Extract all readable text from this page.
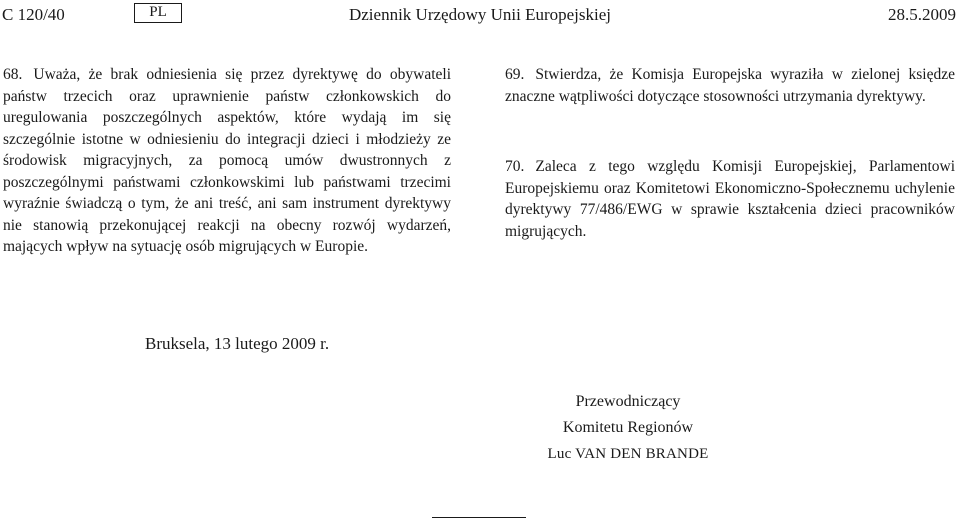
C 120/40	PL	Dziennik Urzędowy Unii Europejskiej	28.5.2009

68. Uważa, że brak odniesienia się przez dyrektywę do obywateli państw trzecich oraz uprawnienie państw członkowskich do uregulowania poszczególnych aspektów, które wydają im się szczególnie istotne w odniesieniu do integracji dzieci i młodzieży ze środowisk migracyjnych, za pomocą umów dwustronnych z poszczególnymi państwami członkowskimi lub państwami trzecimi wyraźnie świadczą o tym, że ani treść, ani sam instrument dyrektywy nie stanowią przekonującej reakcji na obecny rozwój wydarzeń, mających wpływ na sytuację osób migrujących w Europie.

69. Stwierdza, że Komisja Europejska wyraziła w zielonej księdze znaczne wątpliwości dotyczące stosowności utrzymania dyrektywy.

70. Zaleca z tego względu Komisji Europejskiej, Parlamentowi Europejskiemu oraz Komitetowi Ekonomiczno-Społecznemu uchylenie dyrektywy 77/486/EWG w sprawie kształcenia dzieci pracowników migrujących.

Bruksela, 13 lutego 2009 r.
Przewodniczący
Komitetu Regionów
Luc VAN DEN BRANDE
